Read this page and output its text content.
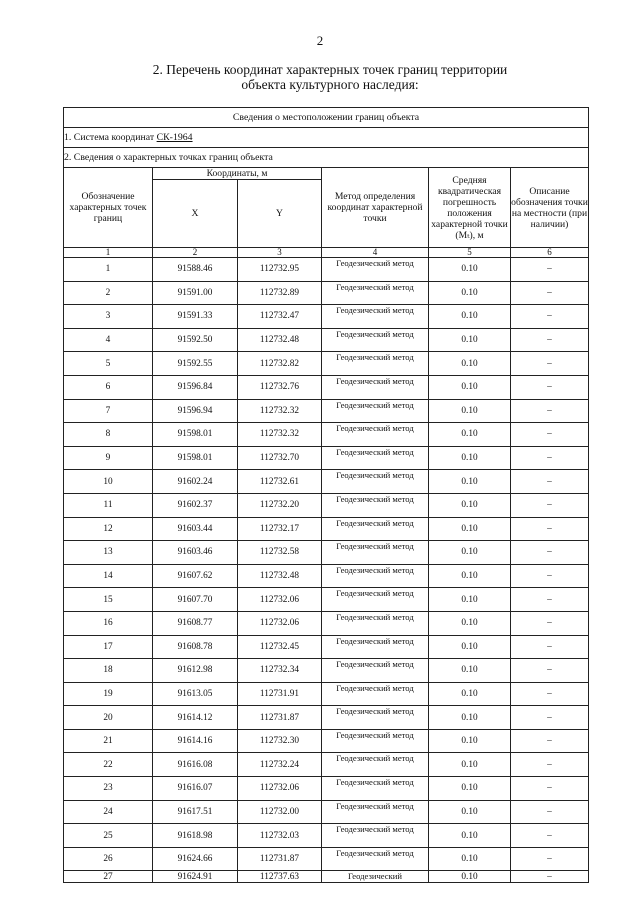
2
2. Перечень координат характерных точек границ территории
объекта культурного наследия:
Сведения о местоположении границ объекта					
1. Система координат СК-1964					
2. Сведения о характерных точках границ объекта					
Обозначение характерных точек границ	Координаты, м		Метод определения координат характерной точки	Средняя квадратическая погрешность положения характерной точки (Mₜ), м	Описание обозначения точки на местности (при наличии)
	X	Y			
1	2	3	4	5	6
1	91588.46	112732.95	Геодезический метод	0.10	–
2	91591.00	112732.89	Геодезический метод	0.10	–
3	91591.33	112732.47	Геодезический метод	0.10	–
4	91592.50	112732.48	Геодезический метод	0.10	–
5	91592.55	112732.82	Геодезический метод	0.10	–
6	91596.84	112732.76	Геодезический метод	0.10	–
7	91596.94	112732.32	Геодезический метод	0.10	–
8	91598.01	112732.32	Геодезический метод	0.10	–
9	91598.01	112732.70	Геодезический метод	0.10	–
10	91602.24	112732.61	Геодезический метод	0.10	–
11	91602.37	112732.20	Геодезический метод	0.10	–
12	91603.44	112732.17	Геодезический метод	0.10	–
13	91603.46	112732.58	Геодезический метод	0.10	–
14	91607.62	112732.48	Геодезический метод	0.10	–
15	91607.70	112732.06	Геодезический метод	0.10	–
16	91608.77	112732.06	Геодезический метод	0.10	–
17	91608.78	112732.45	Геодезический метод	0.10	–
18	91612.98	112732.34	Геодезический метод	0.10	–
19	91613.05	112731.91	Геодезический метод	0.10	–
20	91614.12	112731.87	Геодезический метод	0.10	–
21	91614.16	112732.30	Геодезический метод	0.10	–
22	91616.08	112732.24	Геодезический метод	0.10	–
23	91616.07	112732.06	Геодезический метод	0.10	–
24	91617.51	112732.00	Геодезический метод	0.10	–
25	91618.98	112732.03	Геодезический метод	0.10	–
26	91624.66	112731.87	Геодезический метод	0.10	–
27	91624.91	112737.63	Геодезический	0.10	–
